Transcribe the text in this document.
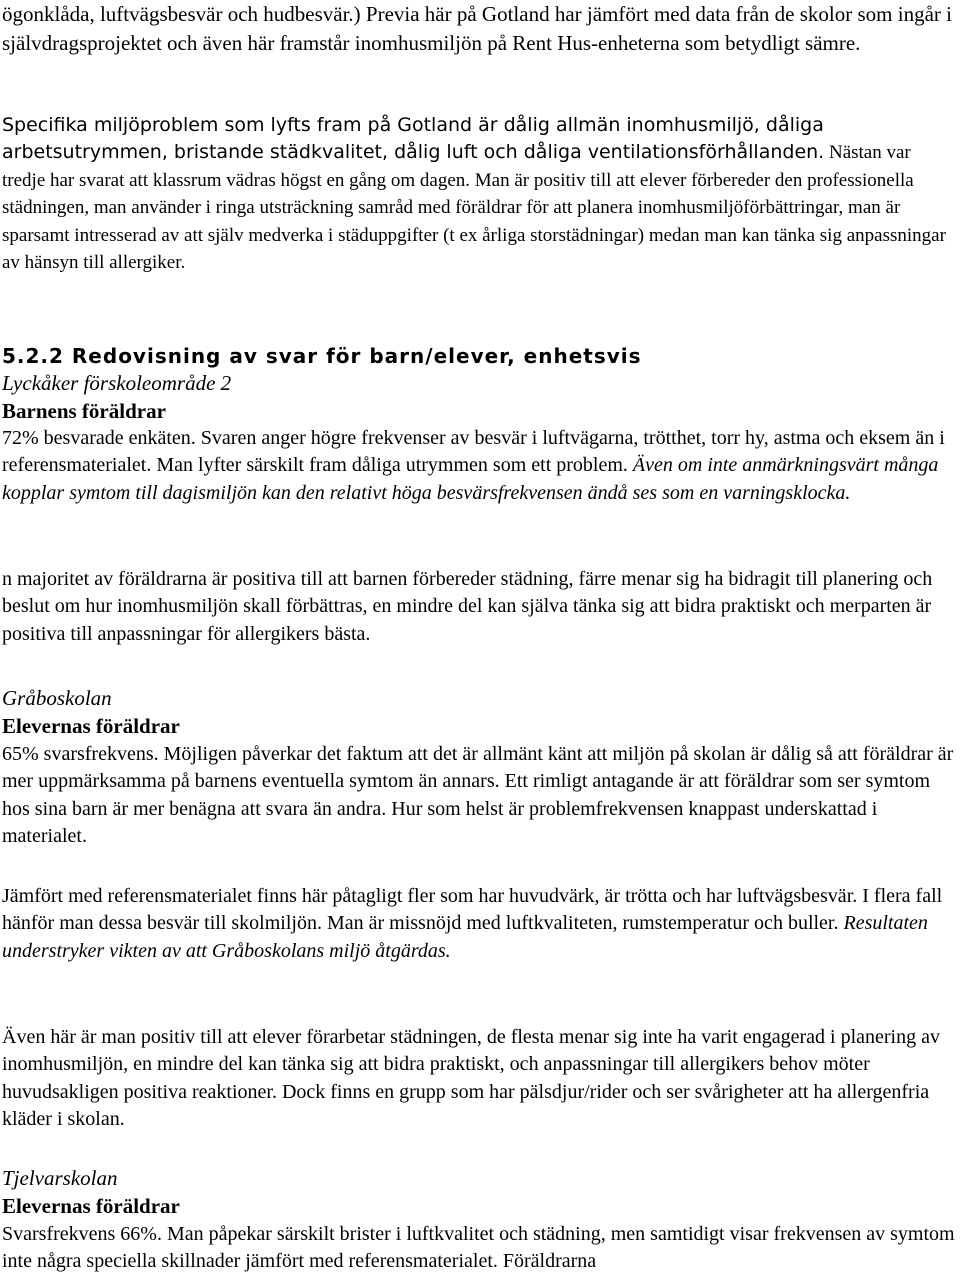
ögonklåda, luftvägsbesvär och hudbesvär.) Previa här på Gotland har jämfört med data från de skolor som ingår i självdragsprojektet och även här framstår inomhusmiljön på Rent Hus-enheterna som betydligt sämre.

Specifika miljöproblem som lyfts fram på Gotland är dålig allmän inomhusmiljö, dåliga arbetsutrymmen, bristande städkvalitet, dålig luft och dåliga ventilationsförhållanden. Nästan var tredje har svarat att klassrum vädras högst en gång om dagen. Man är positiv till att elever förbereder den professionella städningen, man använder i ringa utsträckning samråd med föräldrar för att planera inomhusmiljöförbättringar, man är sparsamt intresserad av att själv medverka i städuppgifter (t ex årliga storstädningar) medan man kan tänka sig anpassningar av hänsyn till allergiker.

5.2.2 Redovisning av svar för barn/elever, enhetsvis
Lyckåker förskoleområde 2
Barnens föräldrar

72% besvarade enkäten. Svaren anger högre frekvenser av besvär i luftvägarna, trötthet, torr hy, astma och eksem än i referensmaterialet. Man lyfter särskilt fram dåliga utrymmen som ett problem. Även om inte anmärkningsvärt många kopplar symtom till dagismiljön kan den relativt höga besvärsfrekvensen ändå ses som en varningsklocka.

n majoritet av föräldrarna är positiva till att barnen förbereder städning, färre menar sig ha bidragit till planering och beslut om hur inomhusmiljön skall förbättras, en mindre del kan själva tänka sig att bidra praktiskt och merparten är positiva till anpassningar för allergikers bästa.

Gråboskolan
Elevernas föräldrar

65% svarsfrekvens. Möjligen påverkar det faktum att det är allmänt känt att miljön på skolan är dålig så att föräldrar är mer uppmärksamma på barnens eventuella symtom än annars. Ett rimligt antagande är att föräldrar som ser symtom hos sina barn är mer benägna att svara än andra. Hur som helst är problemfrekvensen knappast underskattad i materialet.

Jämfört med referensmaterialet finns här påtagligt fler som har huvudvärk, är trötta och har luftvägsbesvär. I flera fall hänför man dessa besvär till skolmiljön. Man är missnöjd med luftkvaliteten, rumstemperatur och buller. Resultaten understryker vikten av att Gråboskolans miljö åtgärdas.

Även här är man positiv till att elever förarbetar städningen, de flesta menar sig inte ha varit engagerad i planering av inomhusmiljön, en mindre del kan tänka sig att bidra praktiskt, och anpassningar till allergikers behov möter huvudsakligen positiva reaktioner. Dock finns en grupp som har pälsdjur/rider och ser svårigheter att ha allergenfria kläder i skolan.

Tjelvarskolan
Elevernas föräldrar

Svarsfrekvens 66%. Man påpekar särskilt brister i luftkvalitet och städning, men samtidigt visar frekvensen av symtom inte några speciella skillnader jämfört med referensmaterialet. Föräldrarna
